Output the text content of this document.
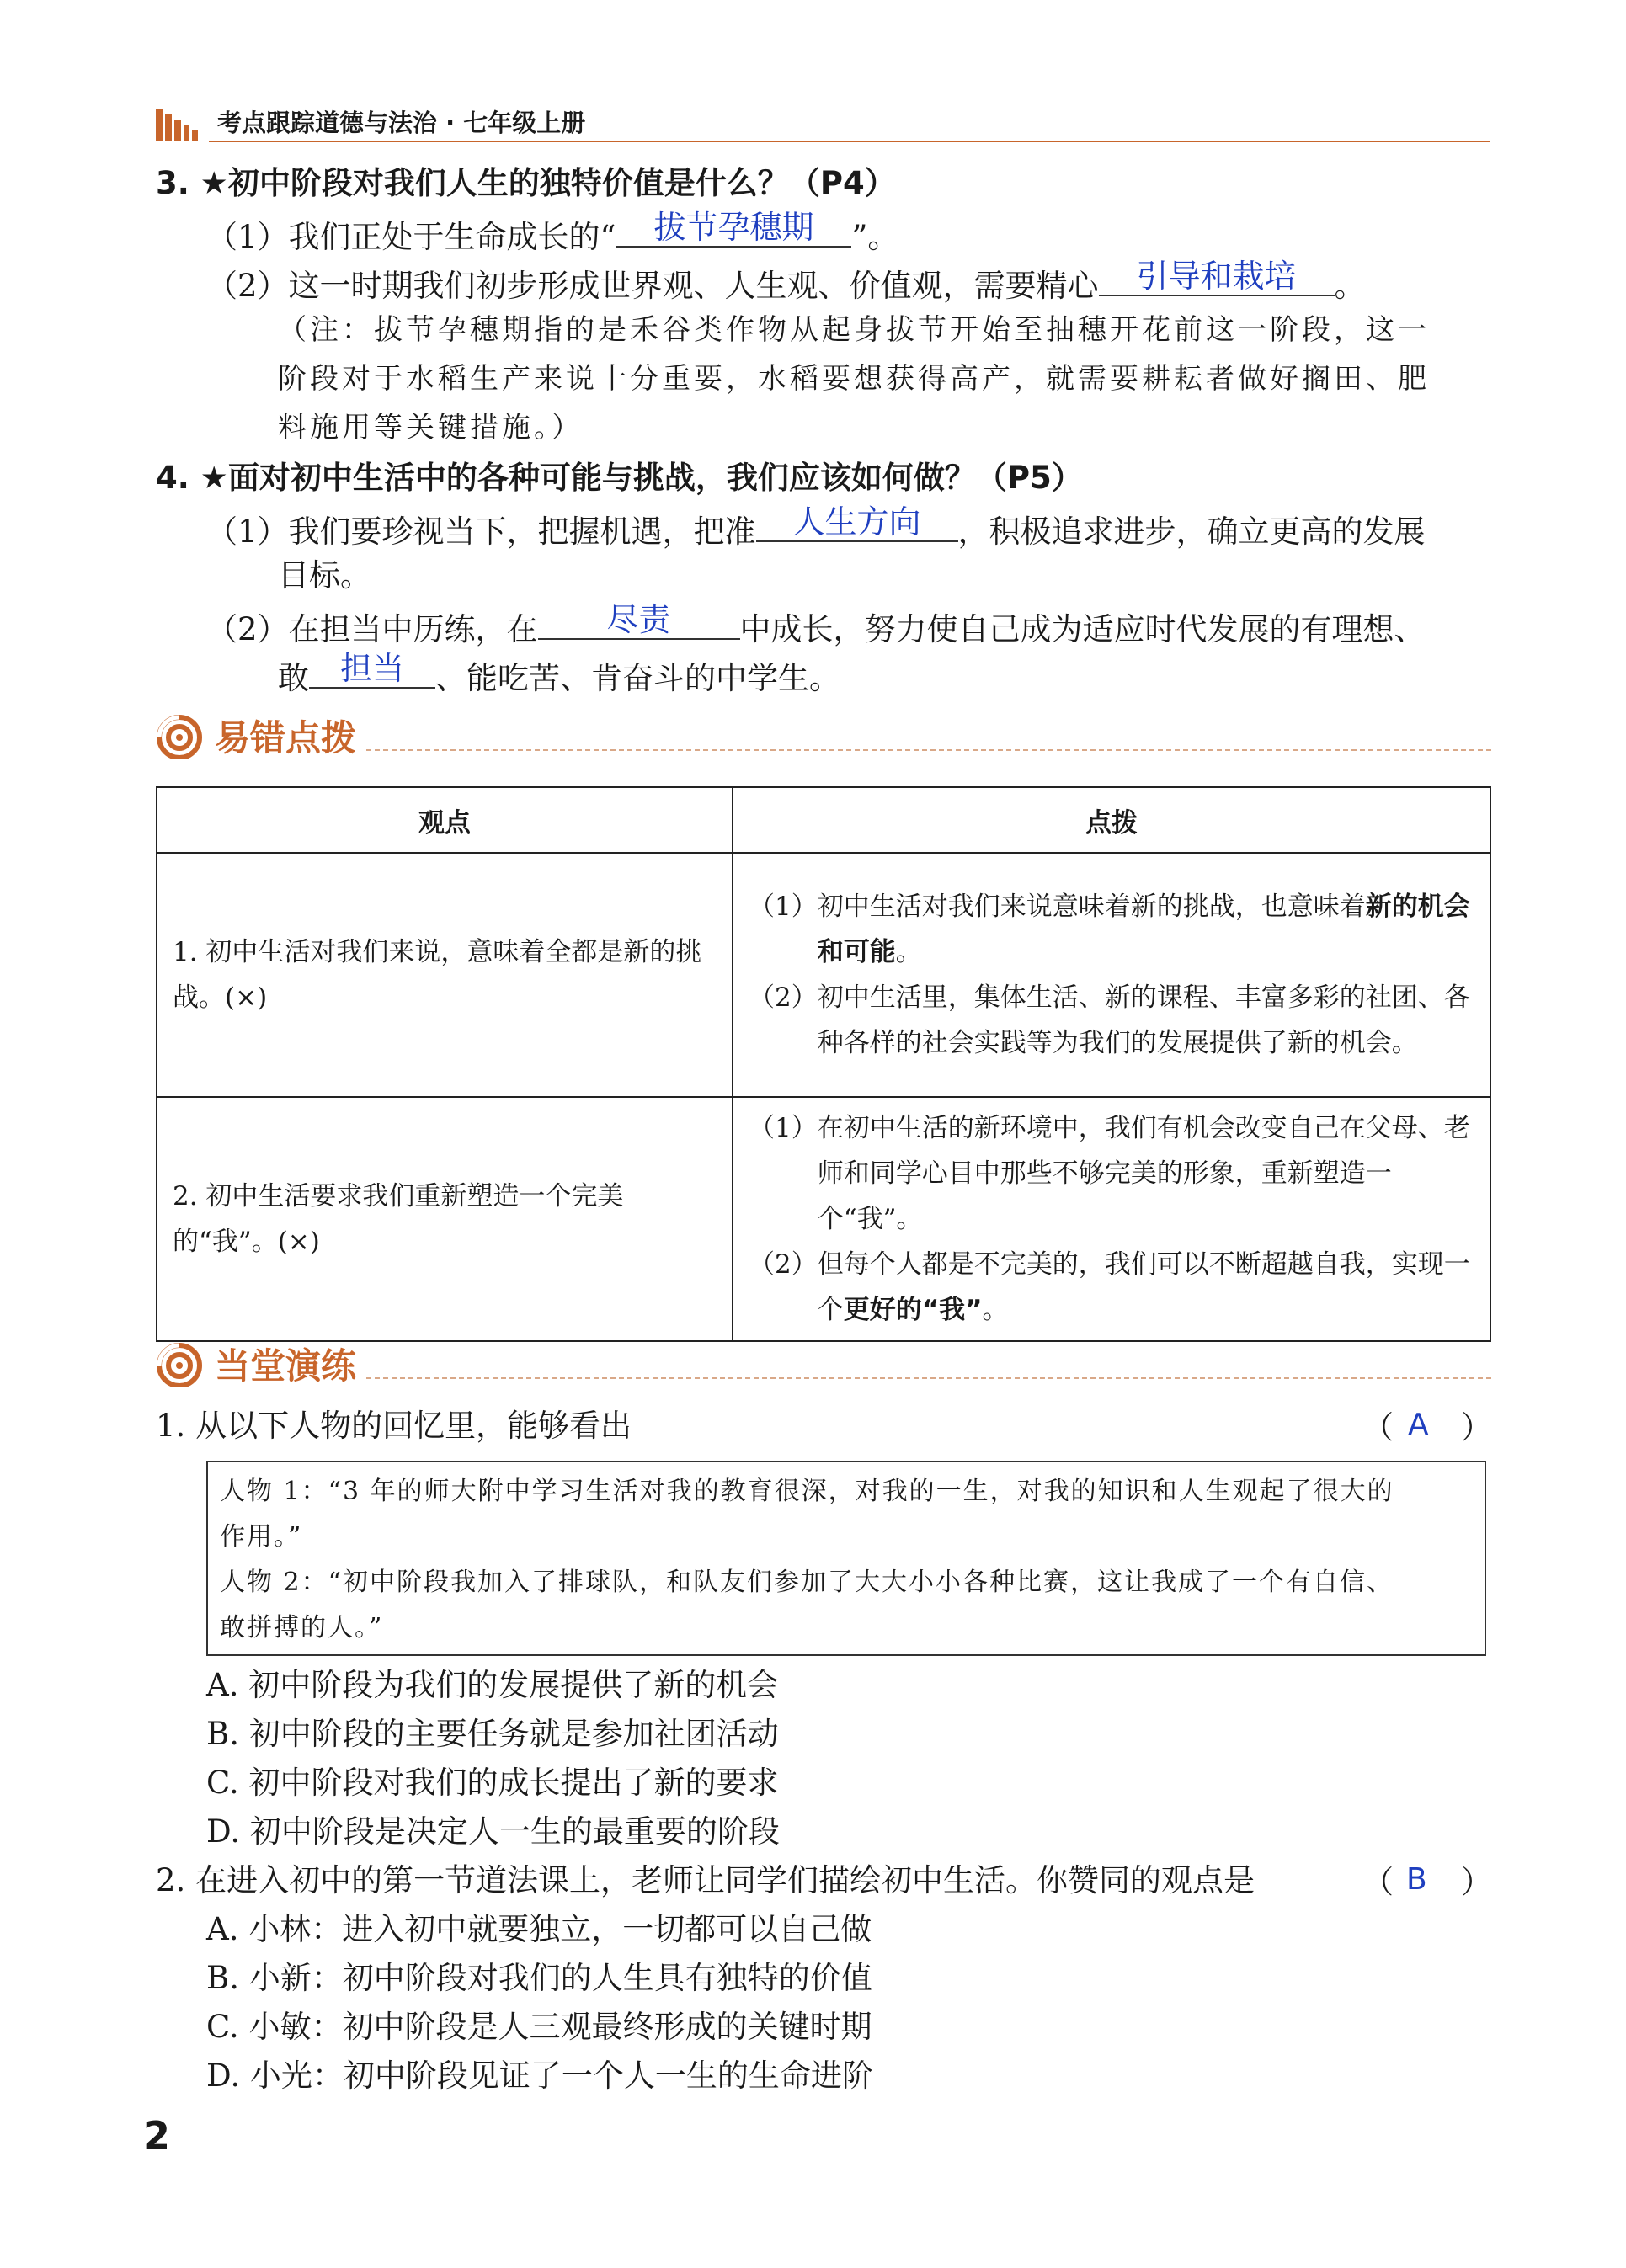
考点跟踪道德与法治 · 七年级上册
3. ★初中阶段对我们人生的独特价值是什么？（P4）
（1）我们正处于生命成长的“	拔节孕穗期	”。
（2）这一时期我们初步形成世界观、人生观、价值观，需要精心	引导和栽培	。
（注：拔节孕穗期指的是禾谷类作物从起身拔节开始至抽穗开花前这一阶段，这一
阶段对于水稻生产来说十分重要，水稻要想获得高产，就需要耕耘者做好搁田、肥
料施用等关键措施。）
4. ★面对初中生活中的各种可能与挑战，我们应该如何做？（P5）
（1）我们要珍视当下，把握机遇，把准	人生方向	，积极追求进步，确立更高的发展
目标。
（2）在担当中历练，在	尽责	中成长，努力使自己成为适应时代发展的有理想、
敢 担当	、能吃苦、肯奋斗的中学生。
易错点拨
观点	点拨
1. 初中生活对我们来说，意味着全都是新的挑战。(×)	（1） 初中生活对我们来说意味着新的挑战，也意味着新的机会和可能。
（2） 初中生活里，集体生活、新的课程、丰富多彩的社团、各种各样的社会实践等为我们的发展提供了新的机会。

2. 初中生活要求我们重新塑造一个完美的“我”。(×)	（1） 在初中生活的新环境中，我们有机会改变自己在父母、老师和同学心目中那些不够完美的形象，重新塑造一个“我”。
（2） 但每个人都是不完美的，我们可以不断超越自我，实现一个更好的“我”。
当堂演练
1. 从以下人物的回忆里，能够看出	（ A ）
人物 1：“3 年的师大附中学习生活对我的教育很深，对我的一生，对我的知识和人生观起了很大的
作用。”
人物 2：“初中阶段我加入了排球队，和队友们参加了大大小小各种比赛，这让我成了一个有自信、
敢拼搏的人。”
A. 初中阶段为我们的发展提供了新的机会
B. 初中阶段的主要任务就是参加社团活动
C. 初中阶段对我们的成长提出了新的要求
D. 初中阶段是决定人一生的最重要的阶段
2. 在进入初中的第一节道法课上，老师让同学们描绘初中生活。你赞同的观点是	（ B ）
A. 小林：进入初中就要独立，一切都可以自己做
B. 小新：初中阶段对我们的人生具有独特的价值
C. 小敏：初中阶段是人三观最终形成的关键时期
D. 小光：初中阶段见证了一个人一生的生命进阶
2
